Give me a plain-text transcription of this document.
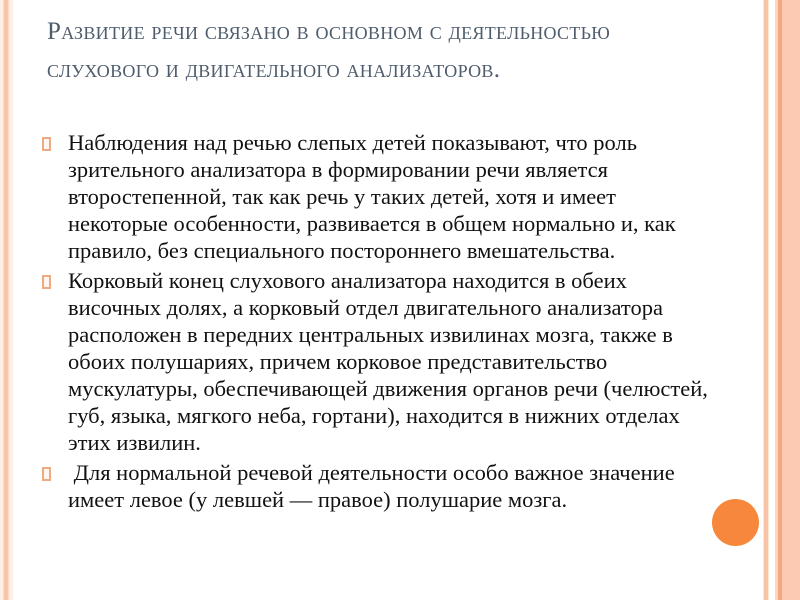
Развитие речи связано в основном с деятельностью слухового и двигательного анализаторов.
Наблюдения над речью слепых детей показывают, что роль зрительного анализатора в формировании речи является второстепенной, так как речь у таких детей, хотя и имеет некоторые особенности, развивается в общем нормально и, как правило, без специального постороннего вмешательства.
Корковый конец слухового анализатора находится в обеих височных долях, а корковый отдел двигательного анализатора расположен в передних центральных извилинах мозга, также в обоих полушариях, причем корковое представительство мускулатуры, обеспечивающей движения органов речи (челюстей, губ, языка, мягкого неба, гортани), находится в нижних отделах этих извилин.
Для нормальной речевой деятельности особо важное значение имеет левое (у левшей — правое) полушарие мозга.
